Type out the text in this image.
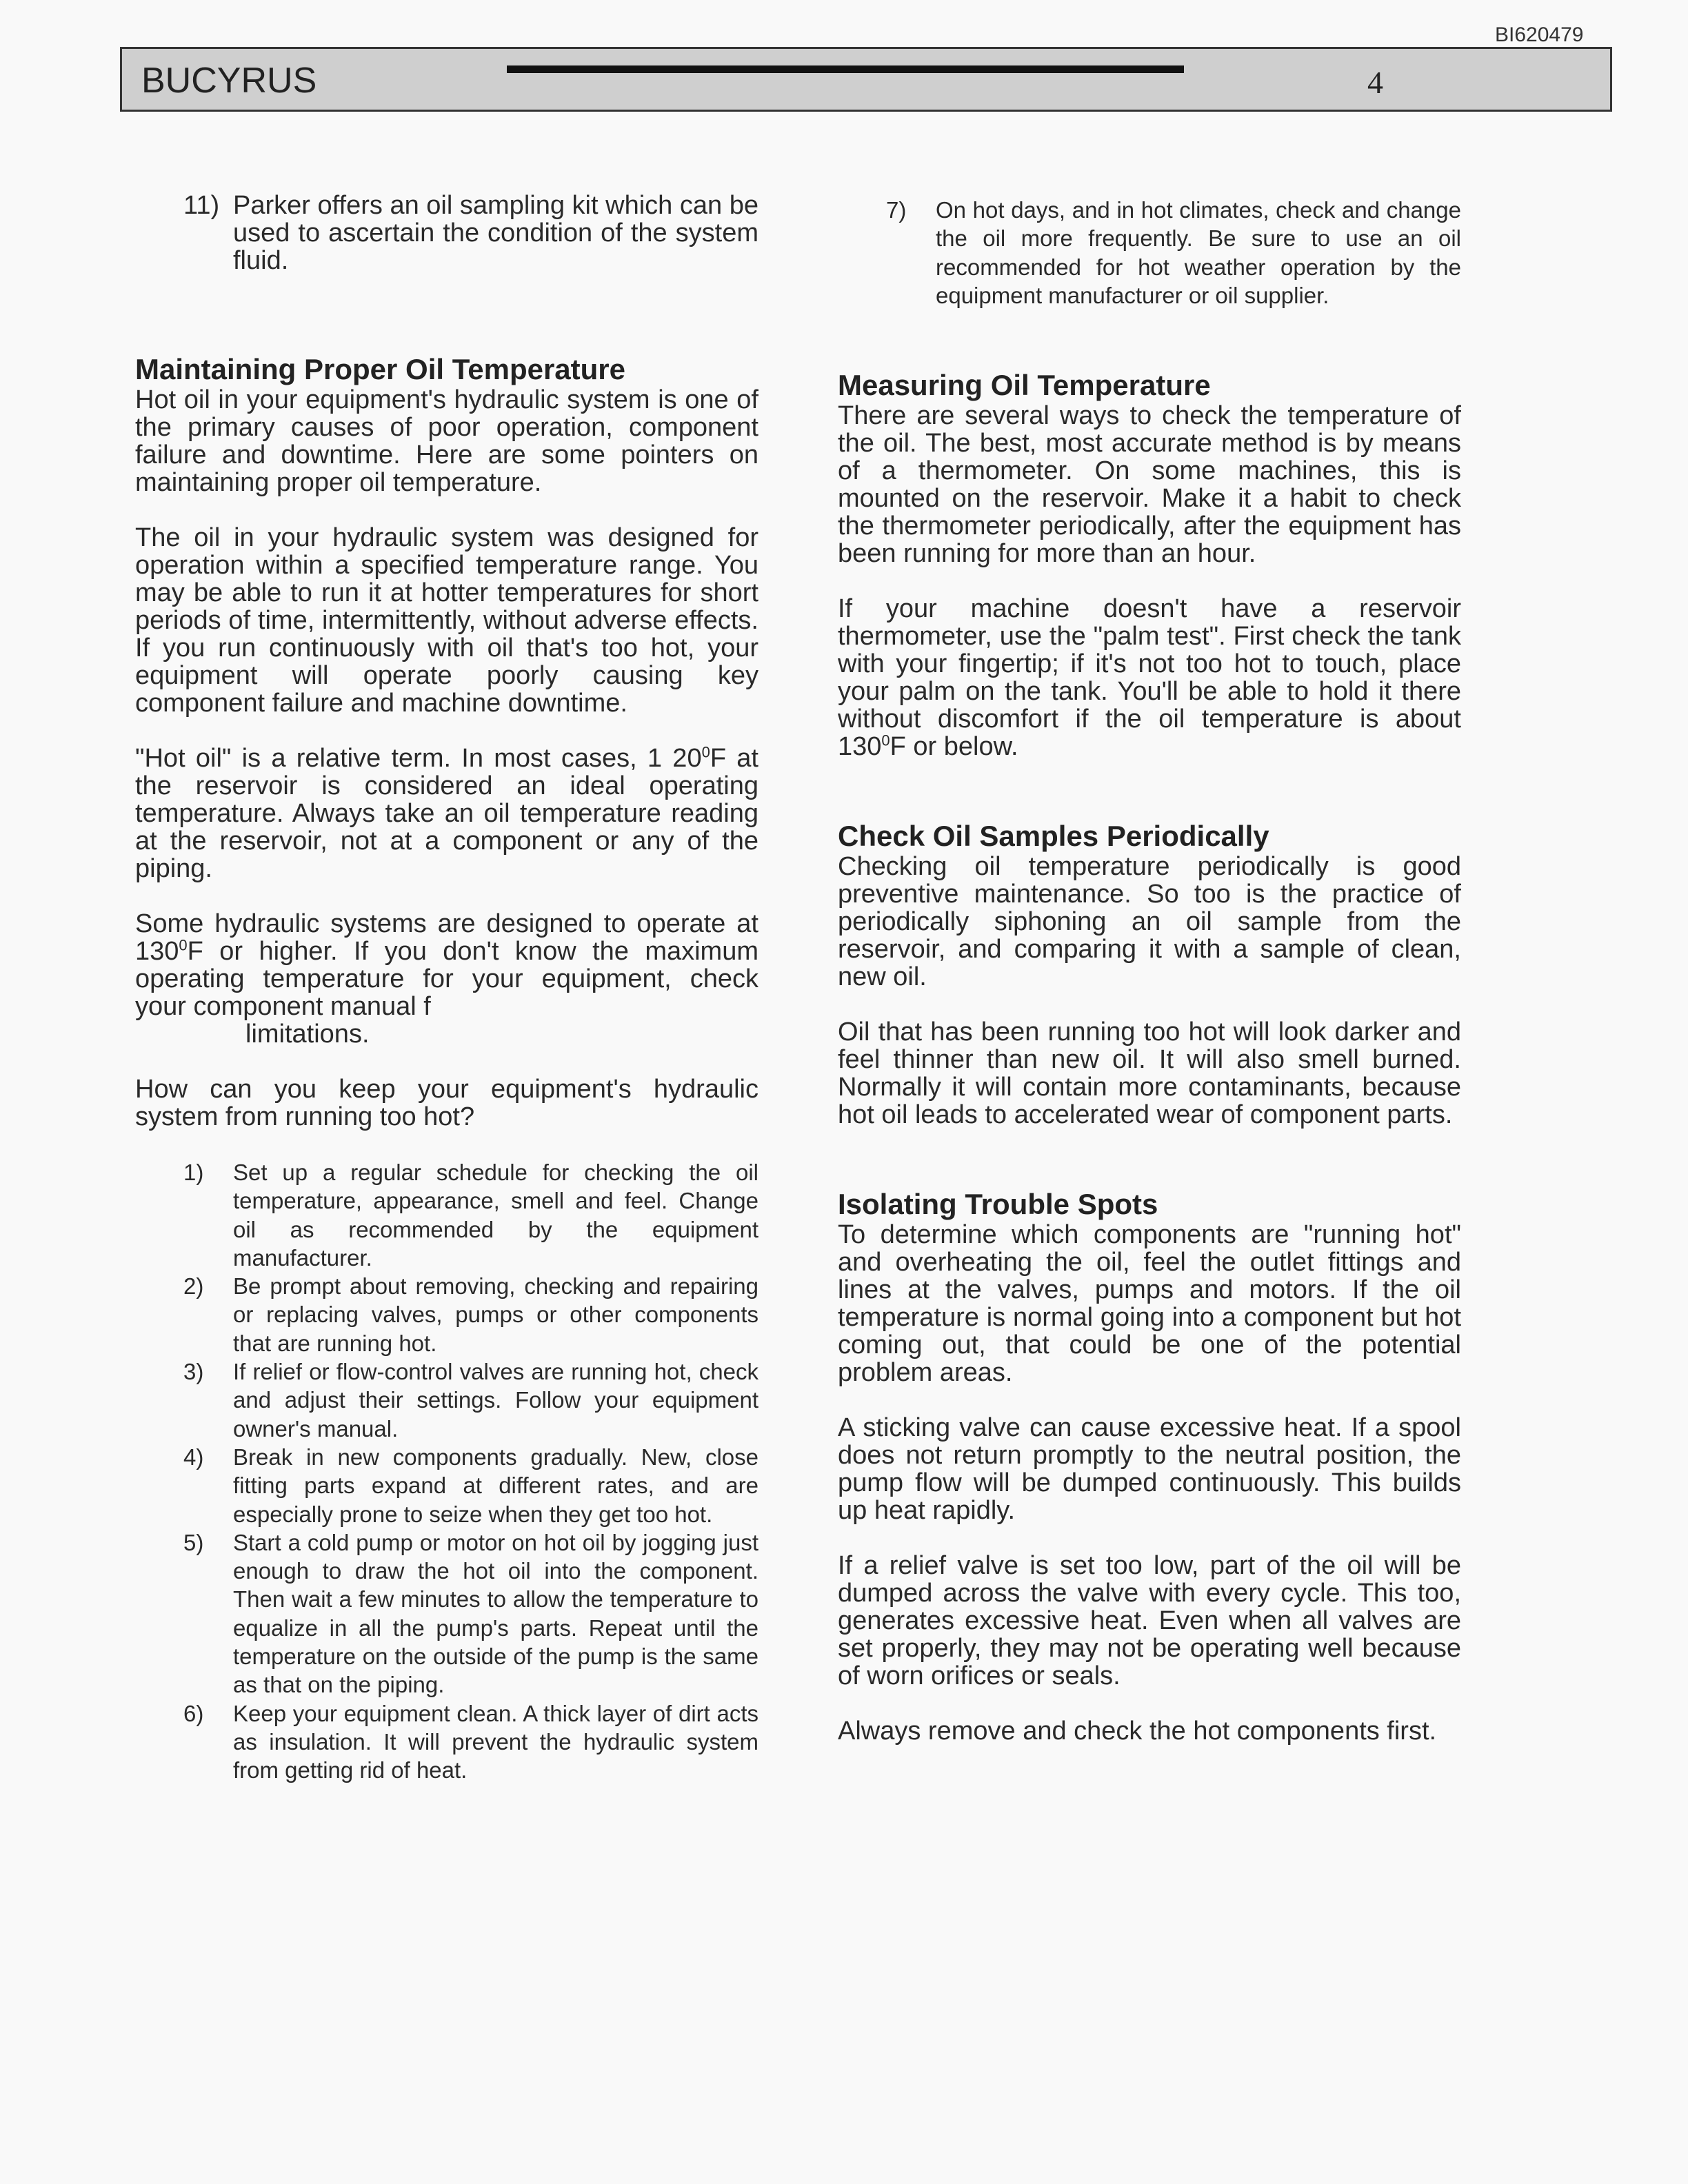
BI620479
BUCYRUS	4
11) Parker offers an oil sampling kit which can be used to ascertain the condition of the system fluid.
Maintaining Proper Oil Temperature

Hot oil in your equipment's hydraulic system is one of the primary causes of poor operation, component failure and downtime. Here are some pointers on maintaining proper oil temperature.

The oil in your hydraulic system was designed for operation within a specified temperature range. You may be able to run it at hotter temperatures for short periods of time, intermittently, without adverse effects. If you run continuously with oil that's too hot, your equipment will operate poorly causing key component failure and machine downtime.

"Hot oil" is a relative term. In most cases, 1 $20^0F$ at the reservoir is considered an ideal operating temperature. Always take an oil temperature reading at the reservoir, not at a component or any of the piping.

Some hydraulic systems are designed to operate at $130^0F$ or higher. If you don't know the maximum operating temperature for your equipment, check your component manual f

limitations.

How can you keep your equipment's hydraulic system from running too hot?

1)	Set up a regular schedule for checking the oil temperature, appearance, smell and feel. Change oil as recommended by the equipment manufacturer.
2)	Be prompt about removing, checking and repairing or replacing valves, pumps or other components that are running hot.
3)	If relief or flow-control valves are running hot, check and adjust their settings. Follow your equipment owner's manual.
4)	Break in new components gradually. New, close fitting parts expand at different rates, and are especially prone to seize when they get too hot.
5)	Start a cold pump or motor on hot oil by jogging just enough to draw the hot oil into the component. Then wait a few minutes to allow the temperature to equalize in all the pump's parts. Repeat until the temperature on the outside of the pump is the same as that on the piping.
6)	Keep your equipment clean. A thick layer of dirt acts as insulation. It will prevent the hydraulic system from getting rid of heat.
7)	On hot days, and in hot climates, check and change the oil more frequently. Be sure to use an oil recommended for hot weather operation by the equipment manufacturer or oil supplier.
Measuring Oil Temperature

There are several ways to check the temperature of the oil. The best, most accurate method is by means of a thermometer. On some machines, this is mounted on the reservoir. Make it a habit to check the thermometer periodically, after the equipment has been running for more than an hour.

If your machine doesn't have a reservoir thermometer, use the "palm test". First check the tank with your fingertip; if it's not too hot to touch, place your palm on the tank. You'll be able to hold it there without discomfort if the oil temperature is about $130^0F$ or below.

Check Oil Samples Periodically

Checking oil temperature periodically is good preventive maintenance. So too is the practice of periodically siphoning an oil sample from the reservoir, and comparing it with a sample of clean, new oil.

Oil that has been running too hot will look darker and feel thinner than new oil. It will also smell burned. Normally it will contain more contaminants, because hot oil leads to accelerated wear of component parts.

Isolating Trouble Spots

To determine which components are "running hot" and overheating the oil, feel the outlet fittings and lines at the valves, pumps and motors. If the oil temperature is normal going into a component but hot coming out, that could be one of the potential problem areas.

A sticking valve can cause excessive heat. If a spool does not return promptly to the neutral position, the pump flow will be dumped continuously. This builds up heat rapidly.

If a relief valve is set too low, part of the oil will be dumped across the valve with every cycle. This too, generates excessive heat. Even when all valves are set properly, they may not be operating well because of worn orifices or seals.

Always remove and check the hot components first.
